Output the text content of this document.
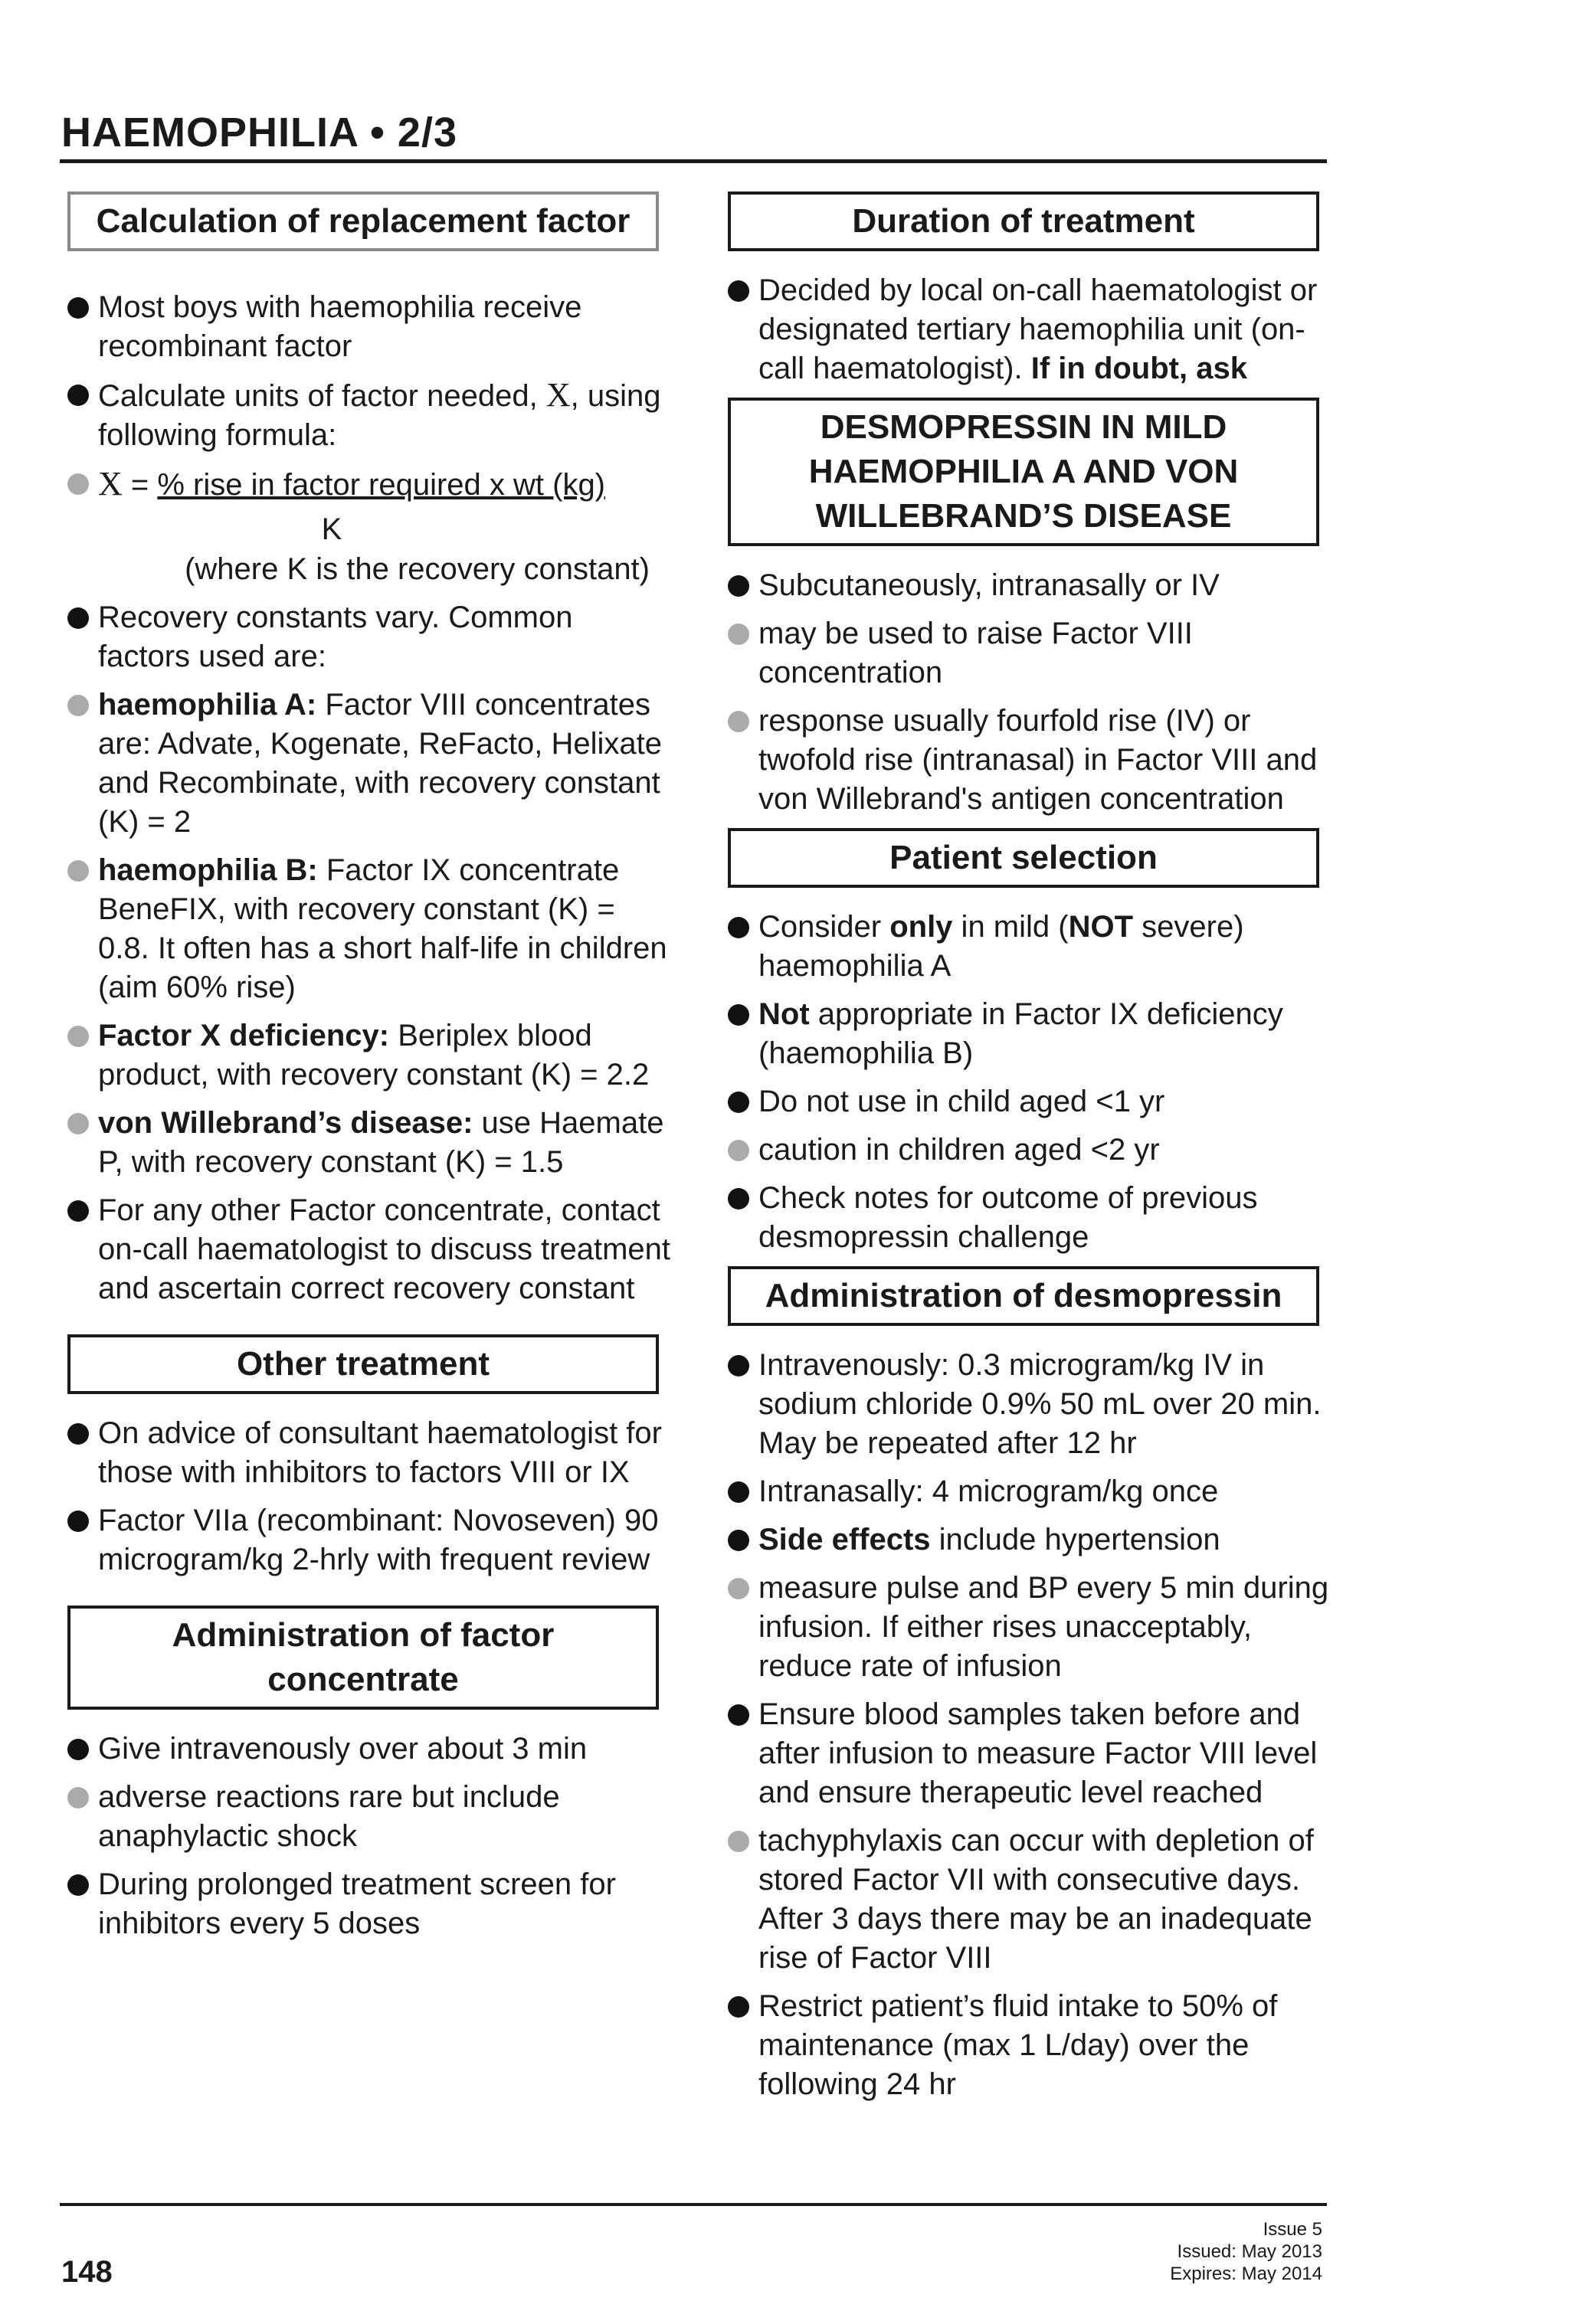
HAEMOPHILIA • 2/3
Calculation of replacement factor
Most boys with haemophilia receive recombinant factor
Calculate units of factor needed, X, using following formula:
X = % rise in factor required x wt (kg)
K
(where K is the recovery constant)
Recovery constants vary. Common factors used are:
haemophilia A: Factor VIII concentrates are: Advate, Kogenate, ReFacto, Helixate and Recombinate, with recovery constant (K) = 2
haemophilia B: Factor IX concentrate BeneFIX, with recovery constant (K) = 0.8. It often has a short half-life in children (aim 60% rise)
Factor X deficiency: Beriplex blood product, with recovery constant (K) = 2.2
von Willebrand’s disease: use Haemate P, with recovery constant (K) = 1.5
For any other Factor concentrate, contact on-call haematologist to discuss treatment and ascertain correct recovery constant
Other treatment
On advice of consultant haematologist for those with inhibitors to factors VIII or IX
Factor VIIa (recombinant: Novoseven) 90 microgram/kg 2-hrly with frequent review
Administration of factor concentrate
Give intravenously over about 3 min
adverse reactions rare but include anaphylactic shock
During prolonged treatment screen for inhibitors every 5 doses
Duration of treatment
Decided by local on-call haematologist or designated tertiary haemophilia unit (on-call haematologist). If in doubt, ask
DESMOPRESSIN IN MILD HAEMOPHILIA A AND VON WILLEBRAND’S DISEASE
Subcutaneously, intranasally or IV
may be used to raise Factor VIII concentration
response usually fourfold rise (IV) or twofold rise (intranasal) in Factor VIII and von Willebrand's antigen concentration
Patient selection
Consider only in mild (NOT severe) haemophilia A
Not appropriate in Factor IX deficiency (haemophilia B)
Do not use in child aged <1 yr
caution in children aged <2 yr
Check notes for outcome of previous desmopressin challenge
Administration of desmopressin
Intravenously: 0.3 microgram/kg IV in sodium chloride 0.9% 50 mL over 20 min. May be repeated after 12 hr
Intranasally: 4 microgram/kg once
Side effects include hypertension
measure pulse and BP every 5 min during infusion. If either rises unacceptably, reduce rate of infusion
Ensure blood samples taken before and after infusion to measure Factor VIII level and ensure therapeutic level reached
tachyphylaxis can occur with depletion of stored Factor VII with consecutive days. After 3 days there may be an inadequate rise of Factor VIII
Restrict patient’s fluid intake to 50% of maintenance (max 1 L/day) over the following 24 hr
148
Issue 5
Issued: May 2013
Expires: May 2014
